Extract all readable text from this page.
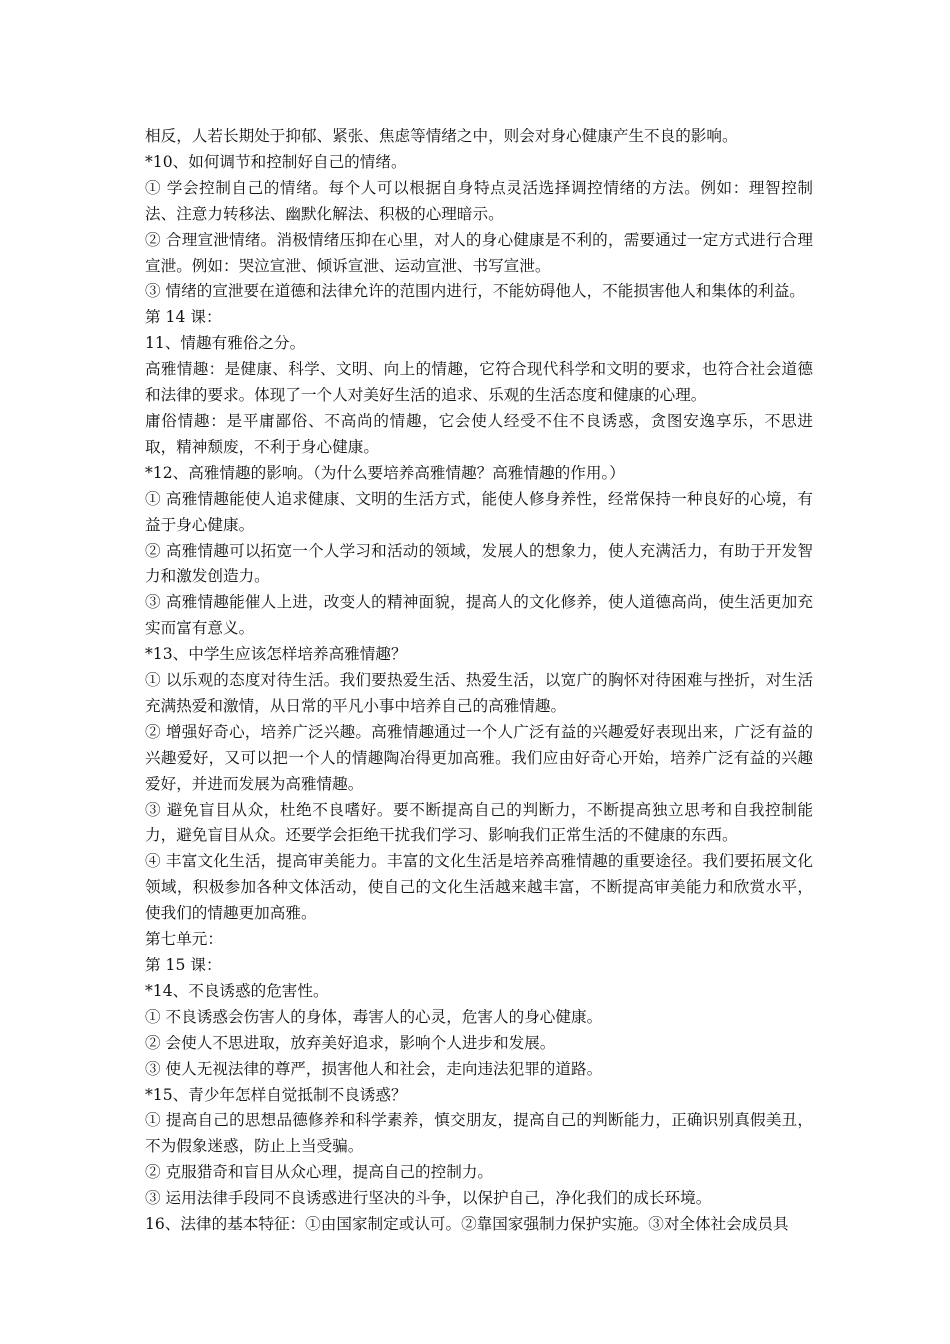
相反，人若长期处于抑郁、紧张、焦虑等情绪之中，则会对身心健康产生不良的影响。

*10、如何调节和控制好自己的情绪。

① 学会控制自己的情绪。每个人可以根据自身特点灵活选择调控情绪的方法。例如：理智控制法、注意力转移法、幽默化解法、积极的心理暗示。

② 合理宣泄情绪。消极情绪压抑在心里，对人的身心健康是不利的，需要通过一定方式进行合理宣泄。例如：哭泣宣泄、倾诉宣泄、运动宣泄、书写宣泄。

③ 情绪的宣泄要在道德和法律允许的范围内进行，不能妨碍他人，不能损害他人和集体的利益。

第 14 课：

11、情趣有雅俗之分。

高雅情趣：是健康、科学、文明、向上的情趣，它符合现代科学和文明的要求，也符合社会道德和法律的要求。体现了一个人对美好生活的追求、乐观的生活态度和健康的心理。

庸俗情趣：是平庸鄙俗、不高尚的情趣，它会使人经受不住不良诱惑，贪图安逸享乐，不思进取，精神颓废，不利于身心健康。

*12、高雅情趣的影响。（为什么要培养高雅情趣？高雅情趣的作用。）

① 高雅情趣能使人追求健康、文明的生活方式，能使人修身养性，经常保持一种良好的心境，有益于身心健康。

② 高雅情趣可以拓宽一个人学习和活动的领域，发展人的想象力，使人充满活力，有助于开发智力和激发创造力。

③ 高雅情趣能催人上进，改变人的精神面貌，提高人的文化修养，使人道德高尚，使生活更加充实而富有意义。

*13、中学生应该怎样培养高雅情趣？

① 以乐观的态度对待生活。我们要热爱生活、热爱生活，以宽广的胸怀对待困难与挫折，对生活充满热爱和激情，从日常的平凡小事中培养自己的高雅情趣。

② 增强好奇心，培养广泛兴趣。高雅情趣通过一个人广泛有益的兴趣爱好表现出来，广泛有益的兴趣爱好，又可以把一个人的情趣陶冶得更加高雅。我们应由好奇心开始，培养广泛有益的兴趣爱好，并进而发展为高雅情趣。

③ 避免盲目从众，杜绝不良嗜好。要不断提高自己的判断力，不断提高独立思考和自我控制能力，避免盲目从众。还要学会拒绝干扰我们学习、影响我们正常生活的不健康的东西。

④ 丰富文化生活，提高审美能力。丰富的文化生活是培养高雅情趣的重要途径。我们要拓展文化领域，积极参加各种文体活动，使自己的文化生活越来越丰富，不断提高审美能力和欣赏水平，使我们的情趣更加高雅。

第七单元：

第 15 课：

*14、不良诱惑的危害性。

① 不良诱惑会伤害人的身体，毒害人的心灵，危害人的身心健康。

② 会使人不思进取，放弃美好追求，影响个人进步和发展。

③ 使人无视法律的尊严，损害他人和社会，走向违法犯罪的道路。

*15、青少年怎样自觉抵制不良诱惑？

① 提高自己的思想品德修养和科学素养，慎交朋友，提高自己的判断能力，正确识别真假美丑，不为假象迷惑，防止上当受骗。

② 克服猎奇和盲目从众心理，提高自己的控制力。

③ 运用法律手段同不良诱惑进行坚决的斗争，以保护自己，净化我们的成长环境。

16、法律的基本特征：①由国家制定或认可。②靠国家强制力保护实施。③对全体社会成员具
